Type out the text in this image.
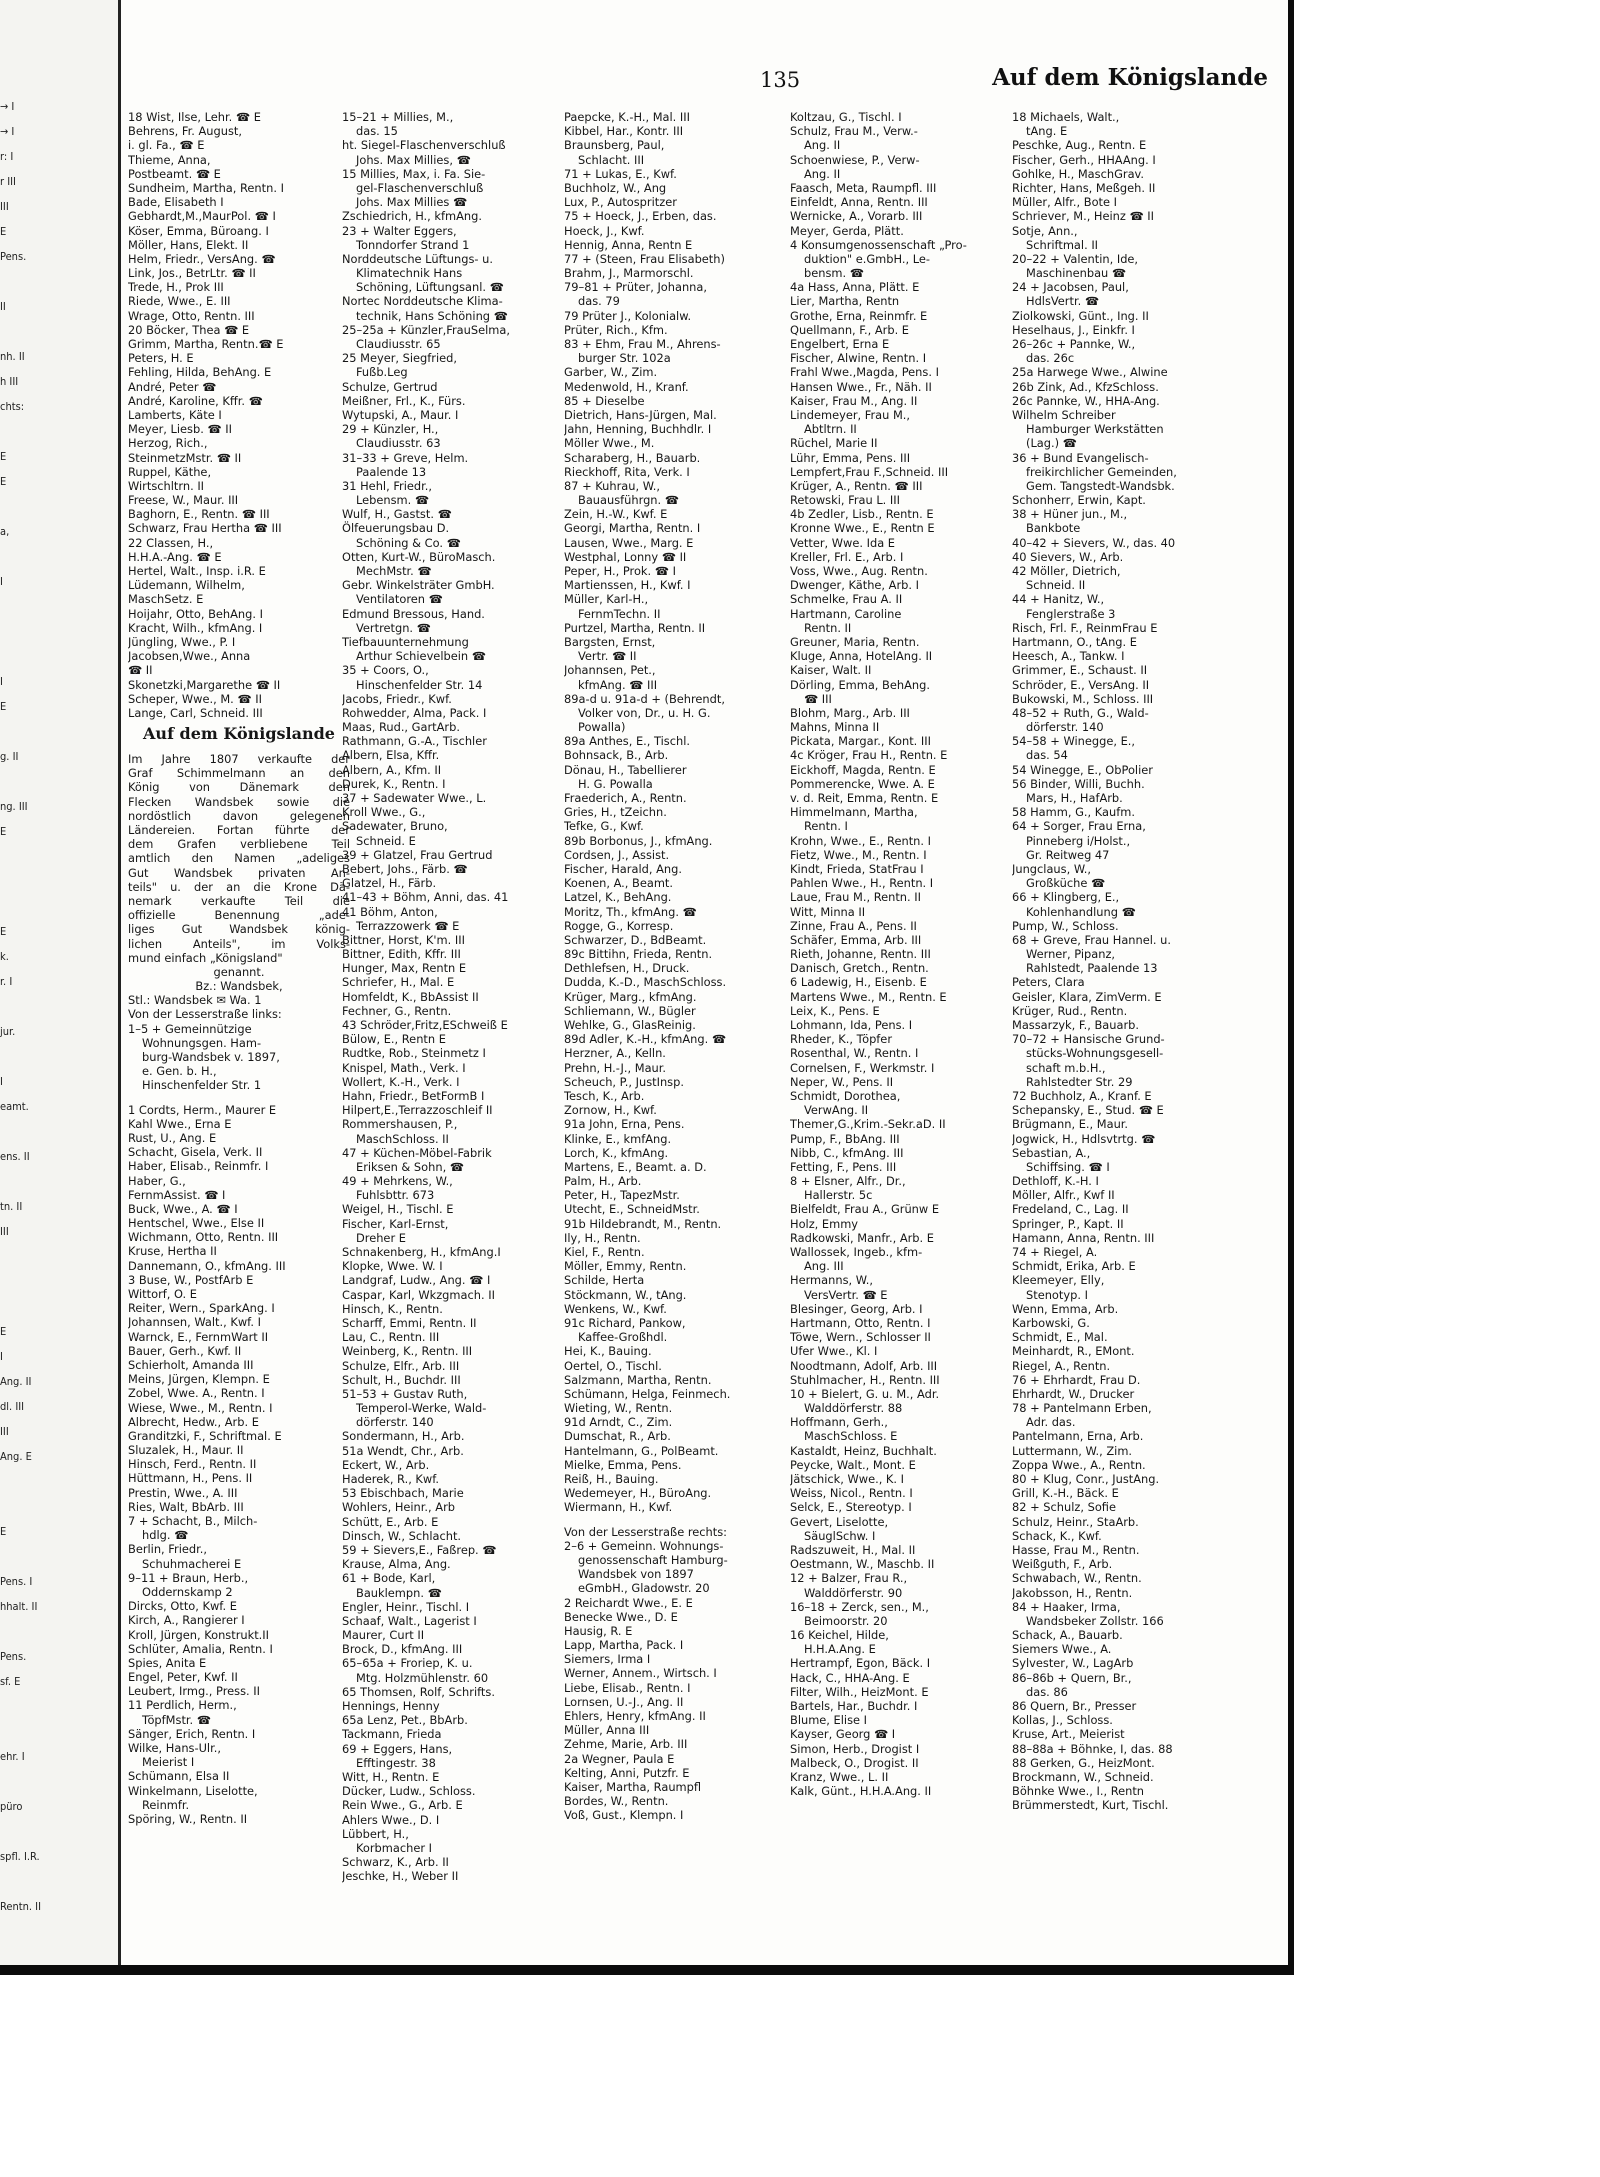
→ I
→ I
r: I
r III
III
E
Pens.
II
nh. II
h III
chts:
E
E
a,
I
I
E
g. II
ng. III
E
E
k.
r. I
jur.
I
eamt.
ens. II
tn. II
III
E
I
Ang. II
dl. III
III
Ang. E
E
Pens. I
hhalt. II
Pens.
sf. E
ehr. I
püro
spfl. I.R.
Rentn. II
135	Auf dem Königslande
18 Wist, Ilse, Lehr. ☎ E
Behrens, Fr. August,
i. gl. Fa., ☎ E
Thieme, Anna,
Postbeamt. ☎ E
Sundheim, Martha, Rentn. I
Bade, Elisabeth I
Gebhardt,M.,MaurPol. ☎ I
Köser, Emma, Büroang. I
Möller, Hans, Elekt. II
Helm, Friedr., VersAng. ☎
Link, Jos., BetrLtr. ☎ II
Trede, H., Prok III
Riede, Wwe., E. III
Wrage, Otto, Rentn. III
20 Böcker, Thea ☎ E
Grimm, Martha, Rentn.☎ E
Peters, H. E
Fehling, Hilda, BehAng. E
André, Peter ☎
André, Karoline, Kffr. ☎
Lamberts, Käte I
Meyer, Liesb. ☎ II
Herzog, Rich.,
SteinmetzMstr. ☎ II
Ruppel, Käthe,
Wirtschltrn. II
Freese, W., Maur. III
Baghorn, E., Rentn. ☎ III
Schwarz, Frau Hertha ☎ III
22 Classen, H.,
H.H.A.-Ang. ☎ E
Hertel, Walt., Insp. i.R. E
Lüdemann, Wilhelm,
MaschSetz. E
Hoijahr, Otto, BehAng. I
Kracht, Wilh., kfmAng. I
Jüngling, Wwe., P. I
Jacobsen,Wwe., Anna
☎ II
Skonetzki,Margarethe ☎ II
Scheper, Wwe., M. ☎ II
Lange, Carl, Schneid. III
Auf dem Königslande
Im Jahre 1807 verkaufte der
Graf Schimmelmann an den
König von Dänemark den
Flecken Wandsbek sowie die
nordöstlich davon gelegenen
Ländereien. Fortan führte der
dem Grafen verbliebene Teil
amtlich den Namen „adeliges
Gut Wandsbek privaten An-
teils" u. der an die Krone Dä-
nemark verkaufte Teil die
offizielle Benennung „ade-
liges Gut Wandsbek könig-
lichen Anteils", im Volks-
mund einfach „Königsland"
genannt.
Bz.: Wandsbek,
Stl.: Wandsbek ✉ Wa. 1
Von der Lesserstraße links:
1–5 + Gemeinnützige
Wohnungsgen. Ham-
burg-Wandsbek v. 1897,
e. Gen. b. H.,
Hinschenfelder Str. 1
1 Cordts, Herm., Maurer E
Kahl Wwe., Erna E
Rust, U., Ang. E
Schacht, Gisela, Verk. II
Haber, Elisab., Reinmfr. I
Haber, G.,
FernmAssist. ☎ I
Buck, Wwe., A. ☎ I
Hentschel, Wwe., Else II
Wichmann, Otto, Rentn. III
Kruse, Hertha II
Dannemann, O., kfmAng. III
3 Buse, W., PostfArb E
Wittorf, O. E
Reiter, Wern., SparkAng. I
Johannsen, Walt., Kwf. I
Warnck, E., FernmWart II
Bauer, Gerh., Kwf. II
Schierholt, Amanda III
Meins, Jürgen, Klempn. E
Zobel, Wwe. A., Rentn. I
Wiese, Wwe., M., Rentn. I
Albrecht, Hedw., Arb. E
Granditzki, F., Schriftmal. E
Sluzalek, H., Maur. II
Hinsch, Ferd., Rentn. II
Hüttmann, H., Pens. II
Prestin, Wwe., A. III
Ries, Walt, BbArb. III
7 + Schacht, B., Milch-
hdlg. ☎
Berlin, Friedr.,
Schuhmacherei E
9–11 + Braun, Herb.,
Oddernskamp 2
Dircks, Otto, Kwf. E
Kirch, A., Rangierer I
Kroll, Jürgen, Konstrukt.II
Schlüter, Amalia, Rentn. I
Spies, Anita E
Engel, Peter, Kwf. II
Leubert, Irmg., Press. II
11 Perdlich, Herm.,
TöpfMstr. ☎
Sänger, Erich, Rentn. I
Wilke, Hans-Ulr.,
Meierist I
Schümann, Elsa II
Winkelmann, Liselotte,
Reinmfr.
Spöring, W., Rentn. II
15–21 + Millies, M.,
das. 15
ht. Siegel-Flaschenverschluß
Johs. Max Millies, ☎
15 Millies, Max, i. Fa. Sie-
gel-Flaschenverschluß
Johs. Max Millies ☎
Zschiedrich, H., kfmAng.
23 + Walter Eggers,
Tonndorfer Strand 1
Norddeutsche Lüftungs- u.
Klimatechnik Hans
Schöning, Lüftungsanl. ☎
Nortec Norddeutsche Klima-
technik, Hans Schöning ☎
25–25a + Künzler,FrauSelma,
Claudiusstr. 65
25 Meyer, Siegfried,
Fußb.Leg
Schulze, Gertrud
Meißner, Frl., K., Fürs.
Wytupski, A., Maur. I
29 + Künzler, H.,
Claudiusstr. 63
31–33 + Greve, Helm.
Paalende 13
31 Hehl, Friedr.,
Lebensm. ☎
Wulf, H., Gastst. ☎
Ölfeuerungsbau D.
Schöning & Co. ☎
Otten, Kurt-W., BüroMasch.
MechMstr. ☎
Gebr. Winkelsträter GmbH.
Ventilatoren ☎
Edmund Bressous, Hand.
Vertretgn. ☎
Tiefbauunternehmung
Arthur Schievelbein ☎
35 + Coors, O.,
Hinschenfelder Str. 14
Jacobs, Friedr., Kwf.
Rohwedder, Alma, Pack. I
Maas, Rud., GartArb.
Rathmann, G.-A., Tischler
Albern, Elsa, Kffr.
Albern, A., Kfm. II
Durek, K., Rentn. I
37 + Sadewater Wwe., L.
Kroll Wwe., G.,
Sadewater, Bruno,
Schneid. E
39 + Glatzel, Frau Gertrud
Bebert, Johs., Färb. ☎
Glatzel, H., Färb.
41–43 + Böhm, Anni, das. 41
41 Böhm, Anton,
Terrazzowerk ☎ E
Bittner, Horst, K'm. III
Bittner, Edith, Kffr. III
Hunger, Max, Rentn E
Schriefer, H., Mal. E
Homfeldt, K., BbAssist II
Fechner, G., Rentn.
43 Schröder,Fritz,ESchweiß E
Bülow, E., Rentn E
Rudtke, Rob., Steinmetz I
Knispel, Math., Verk. I
Wollert, K.-H., Verk. I
Hahn, Friedr., BetFormB I
Hilpert,E.,Terrazzoschleif II
Rommershausen, P.,
MaschSchloss. II
47 + Küchen-Möbel-Fabrik
Eriksen & Sohn, ☎
49 + Mehrkens, W.,
Fuhlsbttr. 673
Weigel, H., Tischl. E
Fischer, Karl-Ernst,
Dreher E
Schnakenberg, H., kfmAng.I
Klopke, Wwe. W. I
Landgraf, Ludw., Ang. ☎ I
Caspar, Karl, Wkzgmach. II
Hinsch, K., Rentn.
Scharff, Emmi, Rentn. II
Lau, C., Rentn. III
Weinberg, K., Rentn. III
Schulze, Elfr., Arb. III
Schult, H., Buchdr. III
51–53 + Gustav Ruth,
Temperol-Werke, Wald-
dörferstr. 140
Sondermann, H., Arb.
51a Wendt, Chr., Arb.
Eckert, W., Arb.
Haderek, R., Kwf.
53 Ebischbach, Marie
Wohlers, Heinr., Arb
Schütt, E., Arb. E
Dinsch, W., Schlacht.
59 + Sievers,E., Faßrep. ☎
Krause, Alma, Ang.
61 + Bode, Karl,
Bauklempn. ☎
Engler, Heinr., Tischl. I
Schaaf, Walt., Lagerist I
Maurer, Curt II
Brock, D., kfmAng. III
65–65a + Froriep, K. u.
Mtg. Holzmühlenstr. 60
65 Thomsen, Rolf, Schrifts.
Hennings, Henny
65a Lenz, Pet., BbArb.
Tackmann, Frieda
69 + Eggers, Hans,
Efftingestr. 38
Witt, H., Rentn. E
Dücker, Ludw., Schloss.
Rein Wwe., G., Arb. E
Ahlers Wwe., D. I
Lübbert, H.,
Korbmacher I
Schwarz, K., Arb. II
Jeschke, H., Weber II
Paepcke, K.-H., Mal. III
Kibbel, Har., Kontr. III
Braunsberg, Paul,
Schlacht. III
71 + Lukas, E., Kwf.
Buchholz, W., Ang
Lux, P., Autospritzer
75 + Hoeck, J., Erben, das.
Hoeck, J., Kwf.
Hennig, Anna, Rentn E
77 + (Steen, Frau Elisabeth)
Brahm, J., Marmorschl.
79–81 + Prüter, Johanna,
das. 79
79 Prüter J., Kolonialw.
Prüter, Rich., Kfm.
83 + Ehm, Frau M., Ahrens-
burger Str. 102a
Garber, W., Zim.
Medenwold, H., Kranf.
85 + Dieselbe
Dietrich, Hans-Jürgen, Mal.
Jahn, Henning, Buchhdlr. I
Möller Wwe., M.
Scharaberg, H., Bauarb.
Rieckhoff, Rita, Verk. I
87 + Kuhrau, W.,
Bauausführgn. ☎
Zein, H.-W., Kwf. E
Georgi, Martha, Rentn. I
Lausen, Wwe., Marg. E
Westphal, Lonny ☎ II
Peper, H., Prok. ☎ I
Martienssen, H., Kwf. I
Müller, Karl-H.,
FernmTechn. II
Purtzel, Martha, Rentn. II
Bargsten, Ernst,
Vertr. ☎ II
Johannsen, Pet.,
kfmAng. ☎ III
89a-d u. 91a-d + (Behrendt,
Volker von, Dr., u. H. G.
Powalla)
89a Anthes, E., Tischl.
Bohnsack, B., Arb.
Dönau, H., Tabellierer
H. G. Powalla
Fraederich, A., Rentn.
Gries, H., tZeichn.
Tefke, G., Kwf.
89b Borbonus, J., kfmAng.
Cordsen, J., Assist.
Fischer, Harald, Ang.
Koenen, A., Beamt.
Latzel, K., BehAng.
Moritz, Th., kfmAng. ☎
Rogge, G., Korresp.
Schwarzer, D., BdBeamt.
89c Bittihn, Frieda, Rentn.
Dethlefsen, H., Druck.
Dudda, K.-D., MaschSchloss.
Krüger, Marg., kfmAng.
Schliemann, W., Bügler
Wehlke, G., GlasReinig.
89d Adler, K.-H., kfmAng. ☎
Herzner, A., Kelln.
Prehn, H.-J., Maur.
Scheuch, P., JustInsp.
Tesch, K., Arb.
Zornow, H., Kwf.
91a John, Erna, Pens.
Klinke, E., kmfAng.
Lorch, K., kfmAng.
Martens, E., Beamt. a. D.
Palm, H., Arb.
Peter, H., TapezMstr.
Utecht, E., SchneidMstr.
91b Hildebrandt, M., Rentn.
Ily, H., Rentn.
Kiel, F., Rentn.
Möller, Emmy, Rentn.
Schilde, Herta
Stöckmann, W., tAng.
Wenkens, W., Kwf.
91c Richard, Pankow,
Kaffee-Großhdl.
Hei, K., Bauing.
Oertel, O., Tischl.
Salzmann, Martha, Rentn.
Schümann, Helga, Feinmech.
Wieting, W., Rentn.
91d Arndt, C., Zim.
Dumschat, R., Arb.
Hantelmann, G., PolBeamt.
Mielke, Emma, Pens.
Reiß, H., Bauing.
Wedemeyer, H., BüroAng.
Wiermann, H., Kwf.
Von der Lesserstraße rechts:
2–6 + Gemeinn. Wohnungs-
genossenschaft Hamburg-
Wandsbek von 1897
eGmbH., Gladowstr. 20
2 Reichardt Wwe., E. E
Benecke Wwe., D. E
Hausig, R. E
Lapp, Martha, Pack. I
Siemers, Irma I
Werner, Annem., Wirtsch. I
Liebe, Elisab., Rentn. I
Lornsen, U.-J., Ang. II
Ehlers, Henry, kfmAng. II
Müller, Anna III
Zehme, Marie, Arb. III
2a Wegner, Paula E
Kelting, Anni, Putzfr. E
Kaiser, Martha, Raumpfl
Bordes, W., Rentn.
Voß, Gust., Klempn. I
Koltzau, G., Tischl. I
Schulz, Frau M., Verw.-
Ang. II
Schoenwiese, P., Verw-
Ang. II
Faasch, Meta, Raumpfl. III
Einfeldt, Anna, Rentn. III
Wernicke, A., Vorarb. III
Meyer, Gerda, Plätt.
4 Konsumgenossenschaft „Pro-
duktion" e.GmbH., Le-
bensm. ☎
4a Hass, Anna, Plätt. E
Lier, Martha, Rentn
Grothe, Erna, Reinmfr. E
Quellmann, F., Arb. E
Engelbert, Erna E
Fischer, Alwine, Rentn. I
Frahl Wwe.,Magda, Pens. I
Hansen Wwe., Fr., Näh. II
Kaiser, Frau M., Ang. II
Lindemeyer, Frau M.,
Abtltrn. II
Rüchel, Marie II
Lühr, Emma, Pens. III
Lempfert,Frau F.,Schneid. III
Krüger, A., Rentn. ☎ III
Retowski, Frau L. III
4b Zedler, Lisb., Rentn. E
Kronne Wwe., E., Rentn E
Vetter, Wwe. Ida E
Kreller, Frl. E., Arb. I
Voss, Wwe., Aug. Rentn.
Dwenger, Käthe, Arb. I
Schmelke, Frau A. II
Hartmann, Caroline
Rentn. II
Greuner, Maria, Rentn.
Kluge, Anna, HotelAng. II
Kaiser, Walt. II
Dörling, Emma, BehAng.
☎ III
Blohm, Marg., Arb. III
Mahns, Minna II
Pickata, Margar., Kont. III
4c Kröger, Frau H., Rentn. E
Eickhoff, Magda, Rentn. E
Pommerencke, Wwe. A. E
v. d. Reit, Emma, Rentn. E
Himmelmann, Martha,
Rentn. I
Krohn, Wwe., E., Rentn. I
Fietz, Wwe., M., Rentn. I
Kindt, Frieda, StatFrau I
Pahlen Wwe., H., Rentn. I
Laue, Frau M., Rentn. II
Witt, Minna II
Zinne, Frau A., Pens. II
Schäfer, Emma, Arb. III
Rieth, Johanne, Rentn. III
Danisch, Gretch., Rentn.
6 Ladewig, H., Eisenb. E
Martens Wwe., M., Rentn. E
Leix, K., Pens. E
Lohmann, Ida, Pens. I
Rheder, K., Töpfer
Rosenthal, W., Rentn. I
Cornelsen, F., Werkmstr. I
Neper, W., Pens. II
Schmidt, Dorothea,
VerwAng. II
Themer,G.,Krim.-Sekr.aD. II
Pump, F., BbAng. III
Nibb, C., kfmAng. III
Fetting, F., Pens. III
8 + Elsner, Alfr., Dr.,
Hallerstr. 5c
Bielfeldt, Frau A., Grünw E
Holz, Emmy
Radkowski, Manfr., Arb. E
Wallossek, Ingeb., kfm-
Ang. III
Hermanns, W.,
VersVertr. ☎ E
Blesinger, Georg, Arb. I
Hartmann, Otto, Rentn. I
Töwe, Wern., Schlosser II
Ufer Wwe., Kl. I
Noodtmann, Adolf, Arb. III
Stuhlmacher, H., Rentn. III
10 + Bielert, G. u. M., Adr.
Walddörferstr. 88
Hoffmann, Gerh.,
MaschSchloss. E
Kastaldt, Heinz, Buchhalt.
Peycke, Walt., Mont. E
Jätschick, Wwe., K. I
Weiss, Nicol., Rentn. I
Selck, E., Stereotyp. I
Gevert, Liselotte,
SäuglSchw. I
Radszuweit, H., Mal. II
Oestmann, W., Maschb. II
12 + Balzer, Frau R.,
Walddörferstr. 90
16–18 + Zerck, sen., M.,
Beimoorstr. 20
16 Keichel, Hilde,
H.H.A.Ang. E
Hertrampf, Egon, Bäck. I
Hack, C., HHA-Ang. E
Filter, Wilh., HeizMont. E
Bartels, Har., Buchdr. I
Blume, Elise I
Kayser, Georg ☎ I
Simon, Herb., Drogist I
Malbeck, O., Drogist. II
Kranz, Wwe., L. II
Kalk, Günt., H.H.A.Ang. II
18 Michaels, Walt.,
tAng. E
Peschke, Aug., Rentn. E
Fischer, Gerh., HHAAng. I
Gohlke, H., MaschGrav.
Richter, Hans, Meßgeh. II
Müller, Alfr., Bote I
Schriever, M., Heinz ☎ II
Sotje, Ann.,
Schriftmal. II
20–22 + Valentin, Ide,
Maschinenbau ☎
24 + Jacobsen, Paul,
HdlsVertr. ☎
Ziolkowski, Günt., Ing. II
Heselhaus, J., Einkfr. I
26–26c + Pannke, W.,
das. 26c
25a Harwege Wwe., Alwine
26b Zink, Ad., KfzSchloss.
26c Pannke, W., HHA-Ang.
Wilhelm Schreiber
Hamburger Werkstätten
(Lag.) ☎
36 + Bund Evangelisch-
freikirchlicher Gemeinden,
Gem. Tangstedt-Wandsbk.
Schonherr, Erwin, Kapt.
38 + Hüner jun., M.,
Bankbote
40–42 + Sievers, W., das. 40
40 Sievers, W., Arb.
42 Möller, Dietrich,
Schneid. II
44 + Hanitz, W.,
Fenglerstraße 3
Risch, Frl. F., ReinmFrau E
Hartmann, O., tAng. E
Heesch, A., Tankw. I
Grimmer, E., Schaust. II
Schröder, E., VersAng. II
Bukowski, M., Schloss. III
48–52 + Ruth, G., Wald-
dörferstr. 140
54–58 + Winegge, E.,
das. 54
54 Winegge, E., ObPolier
56 Binder, Willi, Buchh.
Mars, H., HafArb.
58 Hamm, G., Kaufm.
64 + Sorger, Frau Erna,
Pinneberg i/Holst.,
Gr. Reitweg 47
Jungclaus, W.,
Großküche ☎
66 + Klingberg, E.,
Kohlenhandlung ☎
Pump, W., Schloss.
68 + Greve, Frau Hannel. u.
Werner, Pipanz,
Rahlstedt, Paalende 13
Peters, Clara
Geisler, Klara, ZimVerm. E
Krüger, Rud., Rentn.
Massarzyk, F., Bauarb.
70–72 + Hansische Grund-
stücks-Wohnungsgesell-
schaft m.b.H.,
Rahlstedter Str. 29
72 Buchholz, A., Kranf. E
Schepansky, E., Stud. ☎ E
Brügmann, E., Maur.
Jogwick, H., Hdlsvtrtg. ☎
Sebastian, A.,
Schiffsing. ☎ I
Dethloff, K.-H. I
Möller, Alfr., Kwf II
Fredeland, C., Lag. II
Springer, P., Kapt. II
Hamann, Anna, Rentn. III
74 + Riegel, A.
Schmidt, Erika, Arb. E
Kleemeyer, Elly,
Stenotyp. I
Wenn, Emma, Arb.
Karbowski, G.
Schmidt, E., Mal.
Meinhardt, R., EMont.
Riegel, A., Rentn.
76 + Ehrhardt, Frau D.
Ehrhardt, W., Drucker
78 + Pantelmann Erben,
Adr. das.
Pantelmann, Erna, Arb.
Luttermann, W., Zim.
Zoppa Wwe., A., Rentn.
80 + Klug, Conr., JustAng.
Grill, K.-H., Bäck. E
82 + Schulz, Sofie
Schulz, Heinr., StaArb.
Schack, K., Kwf.
Hasse, Frau M., Rentn.
Weißguth, F., Arb.
Schwabach, W., Rentn.
Jakobsson, H., Rentn.
84 + Haaker, Irma,
Wandsbeker Zollstr. 166
Schack, A., Bauarb.
Siemers Wwe., A.
Sylvester, W., LagArb
86–86b + Quern, Br.,
das. 86
86 Quern, Br., Presser
Kollas, J., Schloss.
Kruse, Art., Meierist
88–88a + Böhnke, I, das. 88
88 Gerken, G., HeizMont.
Brockmann, W., Schneid.
Böhnke Wwe., I., Rentn
Brümmerstedt, Kurt, Tischl.
